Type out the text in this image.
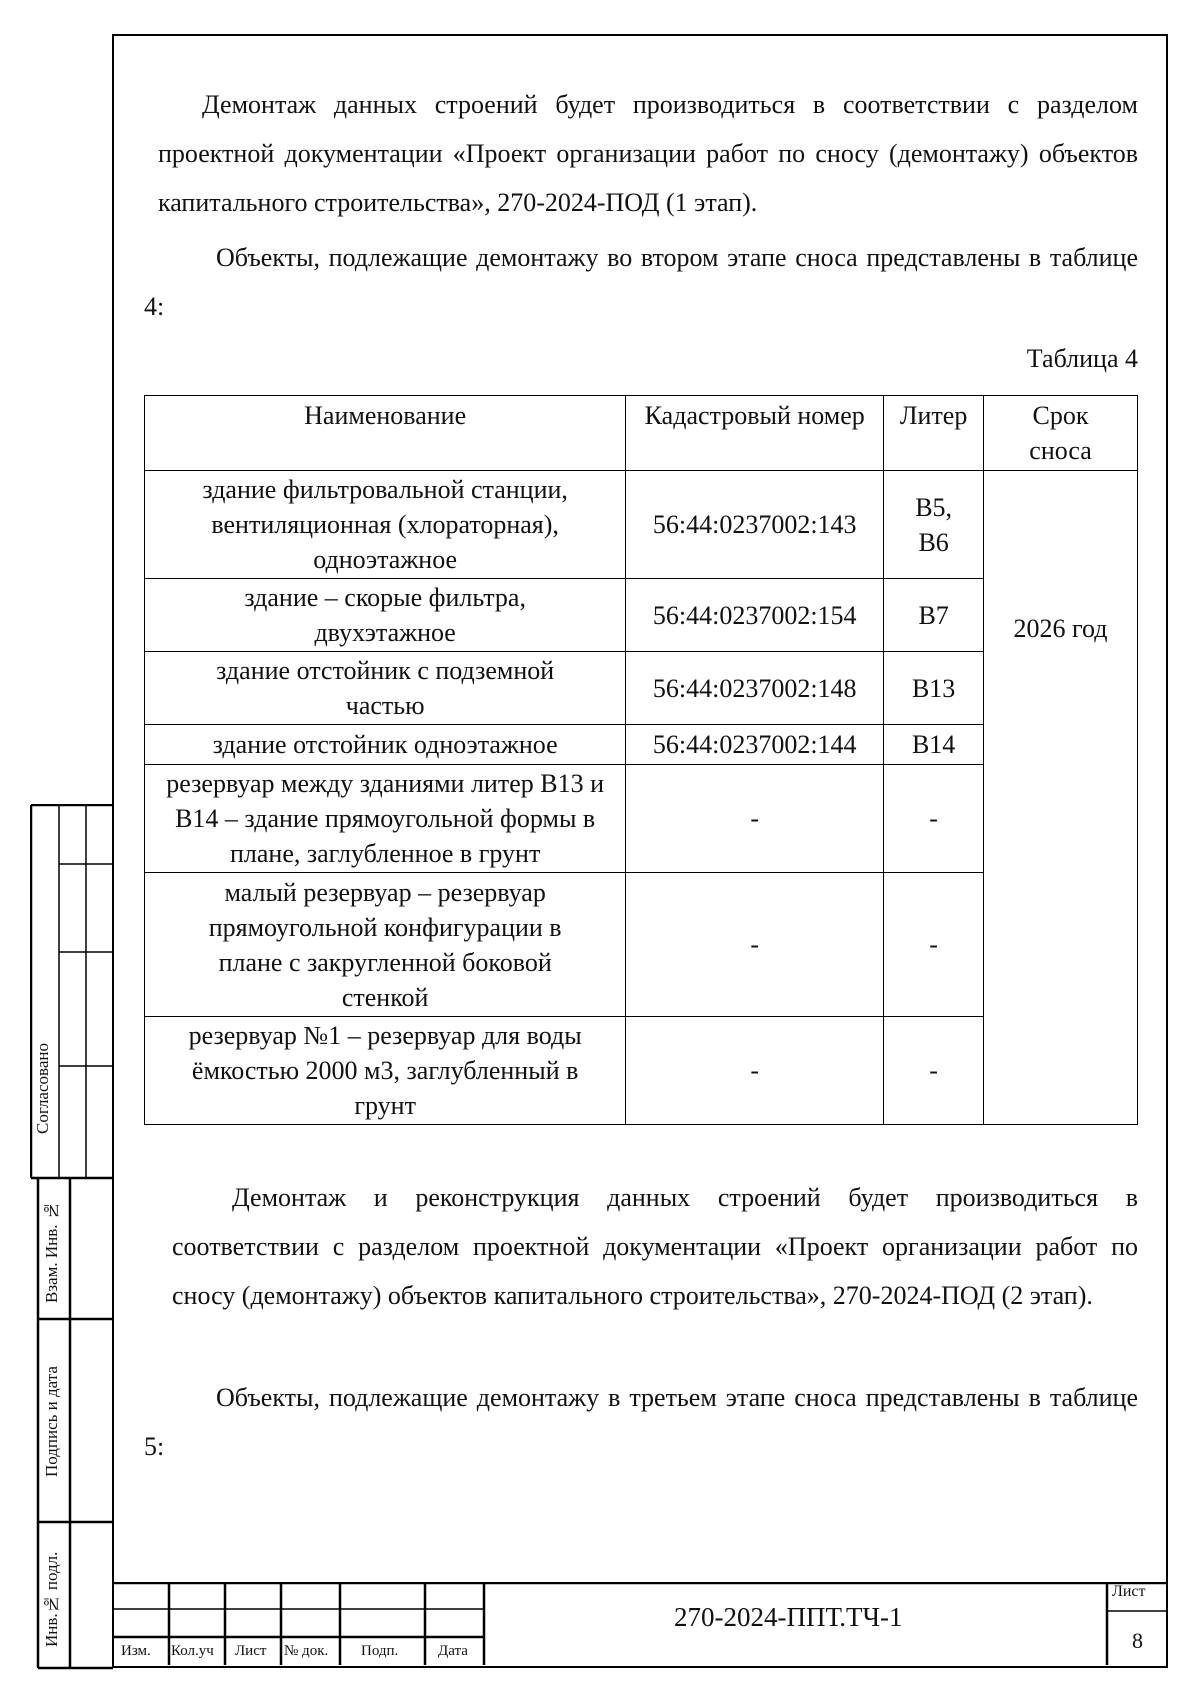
Демонтаж данных строений будет производиться в соответствии с разделом проектной документации «Проект организации работ по сносу (демонтажу) объектов капитального строительства», 270-2024-ПОД (1 этап).

Объекты, подлежащие демонтажу во втором этапе сноса представлены в таблице 4:

Таблица 4
Наименование	Кадастровый номер	Литер	Срок сноса
здание фильтровальной станции, вентиляционная (хлораторная), одноэтажное	56:44:0237002:143	В5, В6	2026 год
здание – скорые фильтра, двухэтажное	56:44:0237002:154	В7	
здание отстойник с подземной частью	56:44:0237002:148	В13	
здание отстойник одноэтажное	56:44:0237002:144	В14	
резервуар между зданиями литер В13 и В14 – здание прямоугольной формы в плане, заглубленное в грунт	-	-	
малый резервуар – резервуар прямоугольной конфигурации в плане с закругленной боковой стенкой	-	-	
резервуар №1 – резервуар для воды ёмкостью 2000 м3, заглубленный в грунт	-	-	

Демонтаж и реконструкция данных строений будет производиться в соответствии с разделом проектной документации «Проект организации работ по сносу (демонтажу) объектов капитального строительства», 270-2024-ПОД (2 этап).

Объекты, подлежащие демонтажу в третьем этапе сноса представлены в таблице 5:

Согласовано
Взам. Инв. №
Подпись и дата
Инв.№ подл.
Изм. Кол.уч Лист № док. Подп.	Дата
270-2024-ППТ.ТЧ-1
Лист
8
